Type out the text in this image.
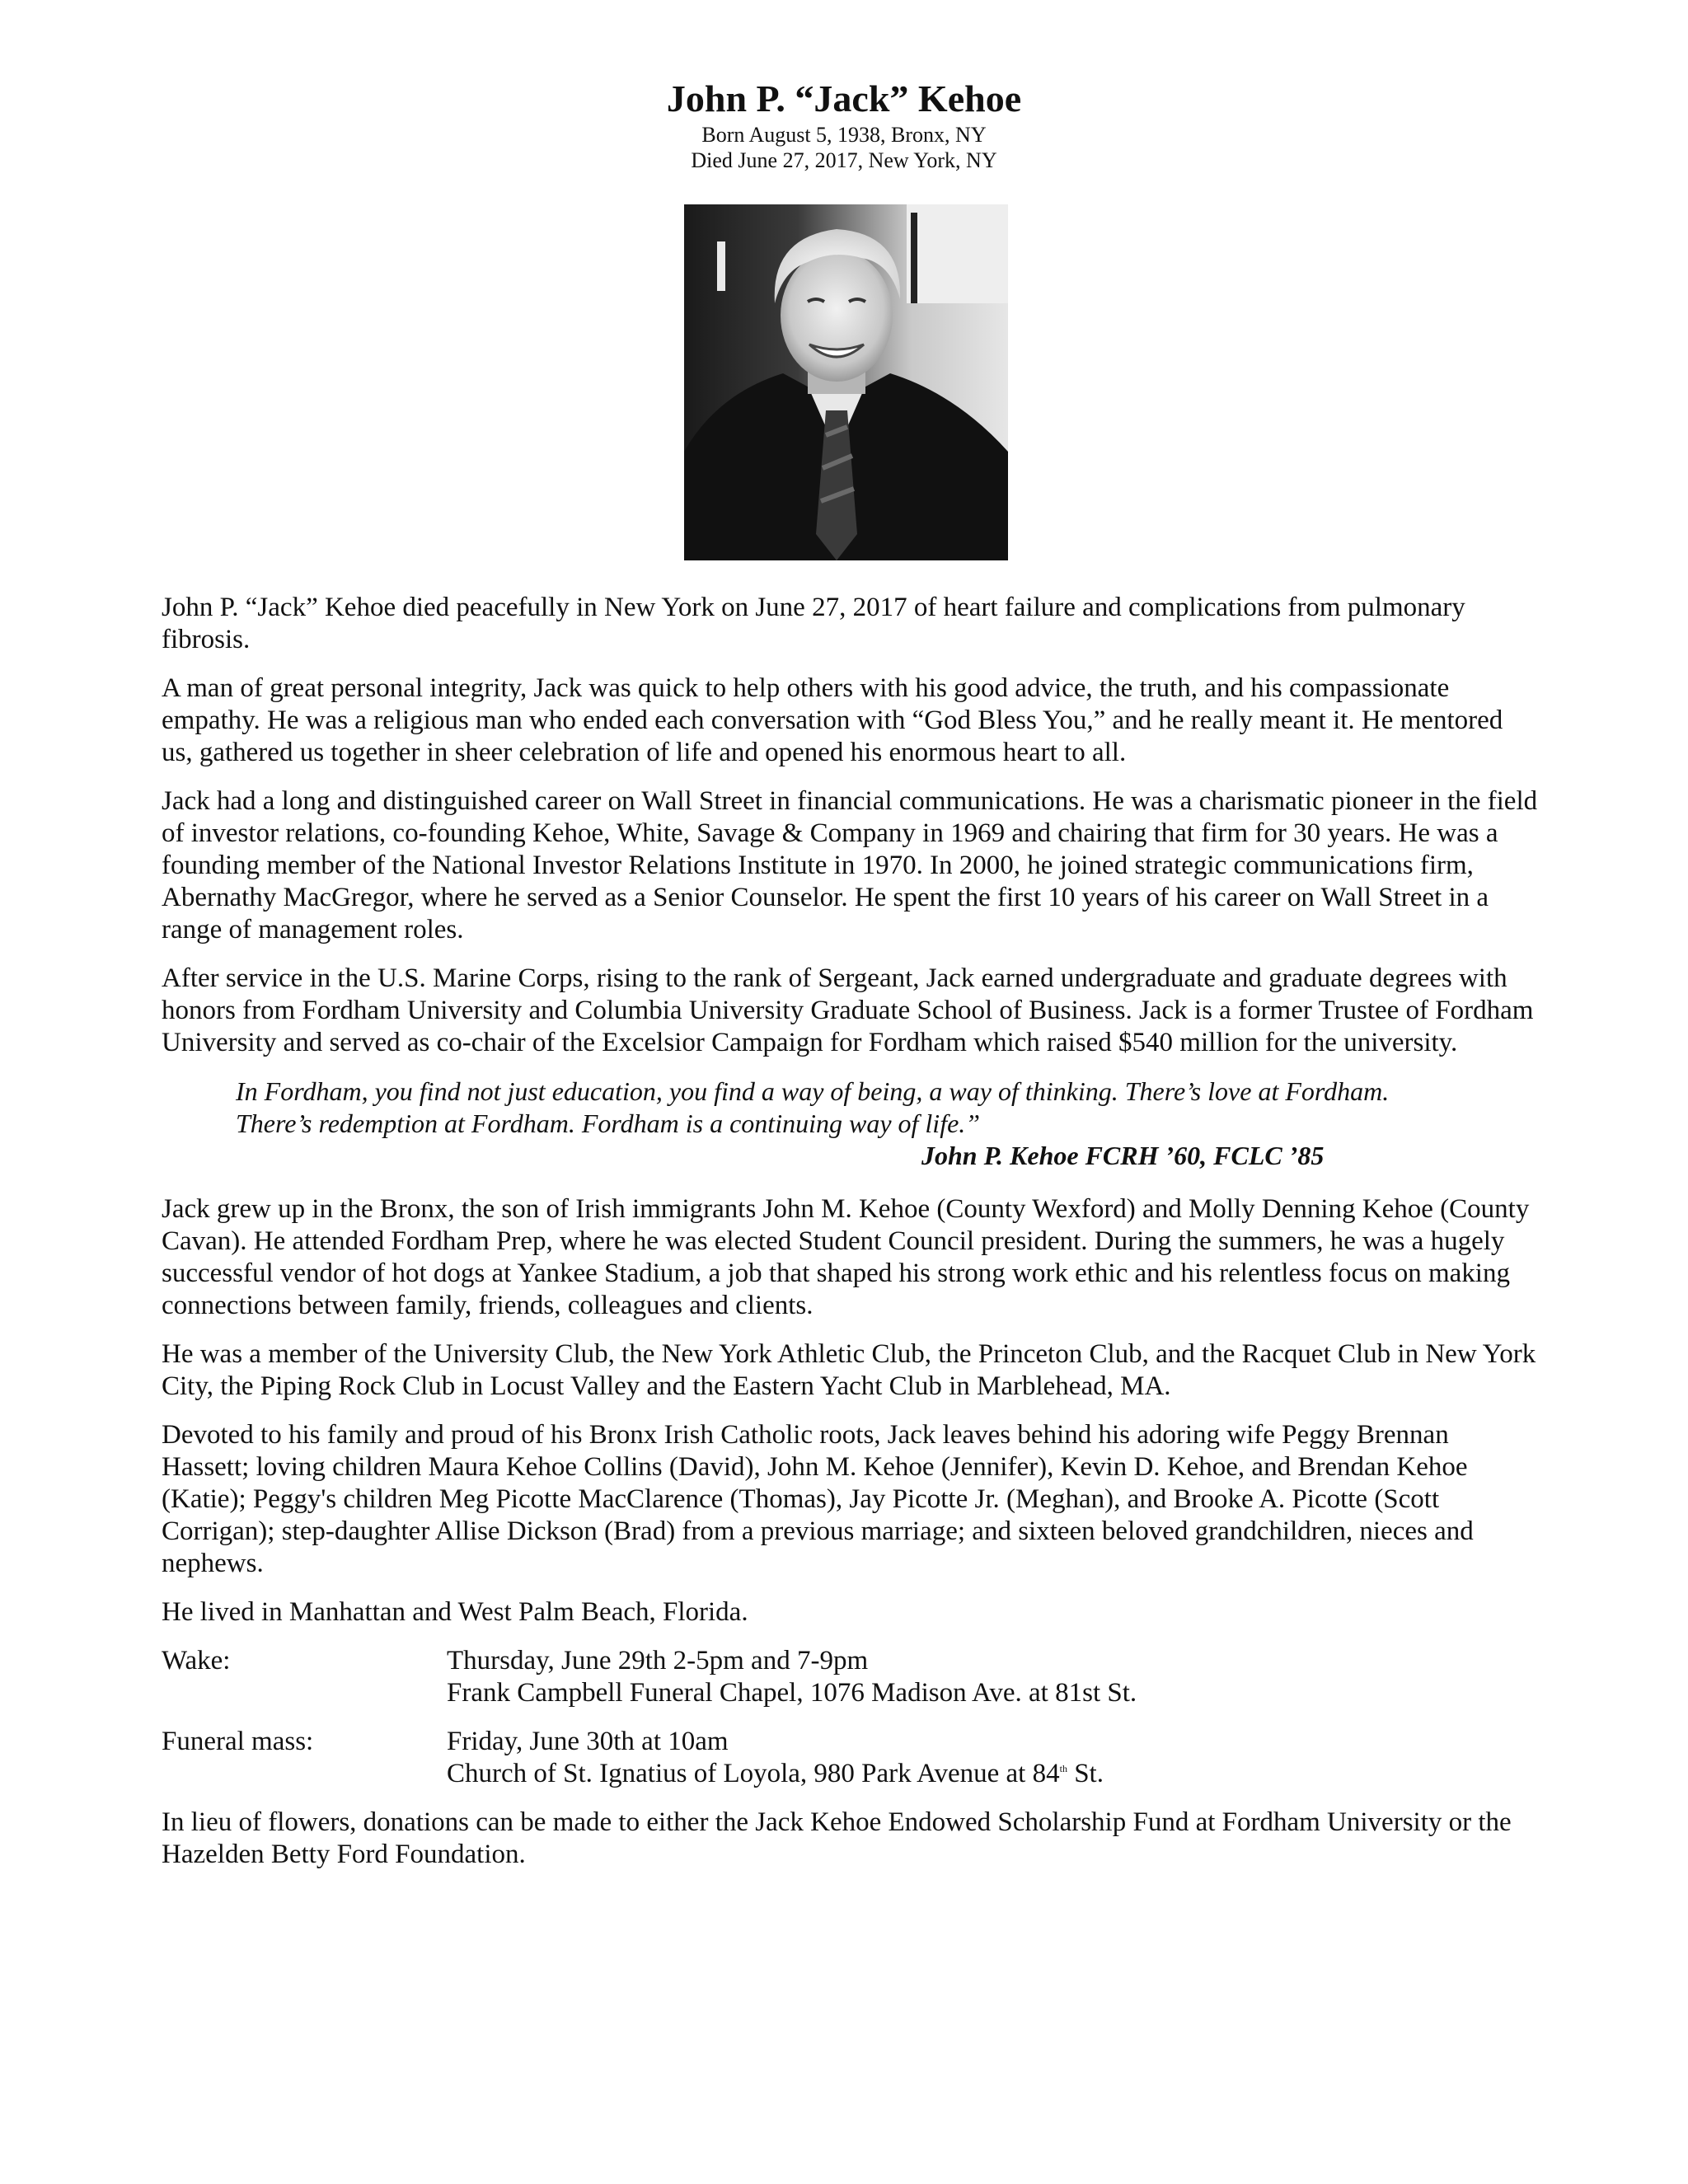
John P. “Jack” Kehoe
Born August 5, 1938, Bronx, NY
Died June 27, 2017, New York, NY

John P. “Jack” Kehoe died peacefully in New York on June 27, 2017 of heart failure and complications from pulmonary fibrosis.

A man of great personal integrity, Jack was quick to help others with his good advice, the truth, and his compassionate empathy. He was a religious man who ended each conversation with “God Bless You,” and he really meant it. He mentored us, gathered us together in sheer celebration of life and opened his enormous heart to all.

Jack had a long and distinguished career on Wall Street in financial communications. He was a charismatic pioneer in the field of investor relations, co-founding Kehoe, White, Savage & Company in 1969 and chairing that firm for 30 years. He was a founding member of the National Investor Relations Institute in 1970. In 2000, he joined strategic communications firm, Abernathy MacGregor, where he served as a Senior Counselor. He spent the first 10 years of his career on Wall Street in a range of management roles.

After service in the U.S. Marine Corps, rising to the rank of Sergeant, Jack earned undergraduate and graduate degrees with honors from Fordham University and Columbia University Graduate School of Business. Jack is a former Trustee of Fordham University and served as co-chair of the Excelsior Campaign for Fordham which raised $540 million for the university.

In Fordham, you find not just education, you find a way of being, a way of thinking. There’s love at Fordham. There’s redemption at Fordham. Fordham is a continuing way of life.”
John P. Kehoe FCRH ’60, FCLC ’85

Jack grew up in the Bronx, the son of Irish immigrants John M. Kehoe (County Wexford) and Molly Denning Kehoe (County Cavan). He attended Fordham Prep, where he was elected Student Council president. During the summers, he was a hugely successful vendor of hot dogs at Yankee Stadium, a job that shaped his strong work ethic and his relentless focus on making connections between family, friends, colleagues and clients.

He was a member of the University Club, the New York Athletic Club, the Princeton Club, and the Racquet Club in New York City, the Piping Rock Club in Locust Valley and the Eastern Yacht Club in Marblehead, MA.

Devoted to his family and proud of his Bronx Irish Catholic roots, Jack leaves behind his adoring wife Peggy Brennan Hassett; loving children Maura Kehoe Collins (David), John M. Kehoe (Jennifer), Kevin D. Kehoe, and Brendan Kehoe (Katie); Peggy's children Meg Picotte MacClarence (Thomas), Jay Picotte Jr. (Meghan), and Brooke A. Picotte (Scott Corrigan); step-daughter Allise Dickson (Brad) from a previous marriage; and sixteen beloved grandchildren, nieces and nephews.

He lived in Manhattan and West Palm Beach, Florida.

Wake:	Thursday, June 29th 2-5pm and 7-9pm
Frank Campbell Funeral Chapel, 1076 Madison Ave. at 81st St.
Funeral mass:	Friday, June 30th at 10am
Church of St. Ignatius of Loyola, 980 Park Avenue at 84th St.

In lieu of flowers, donations can be made to either the Jack Kehoe Endowed Scholarship Fund at Fordham University or the Hazelden Betty Ford Foundation.
